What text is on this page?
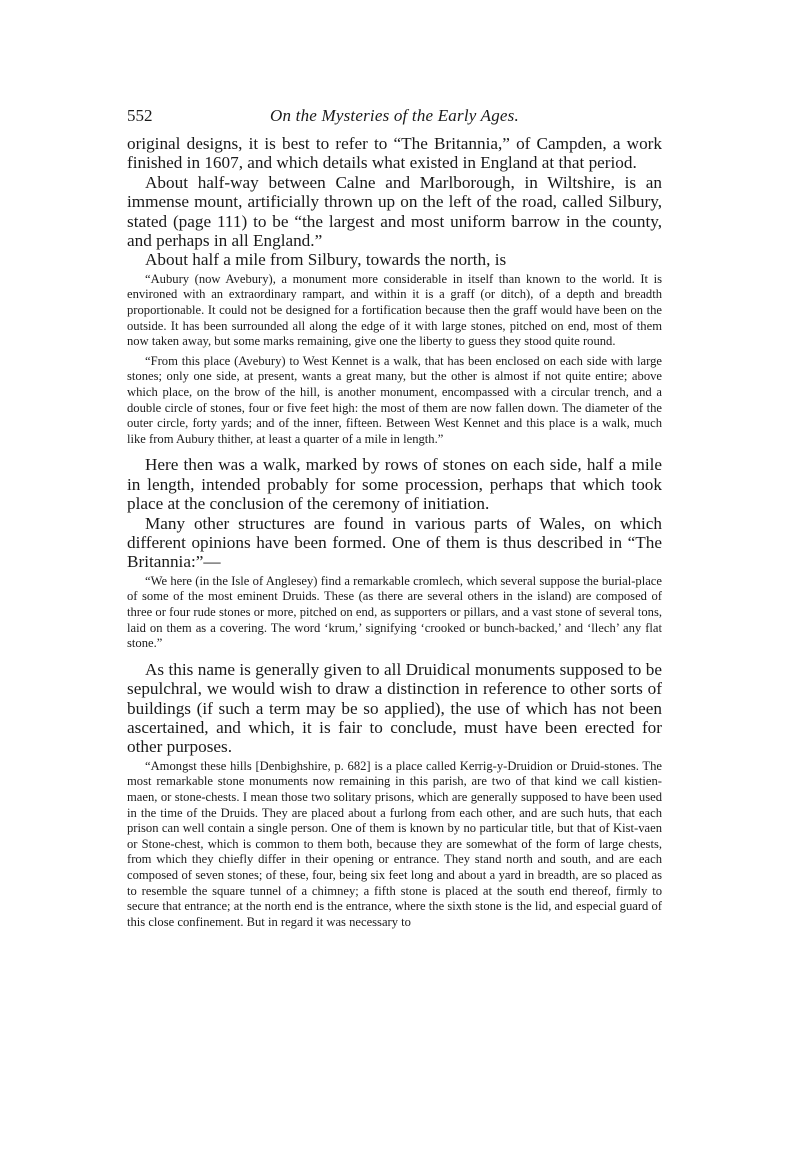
552	On the Mysteries of the Early Ages.

original designs, it is best to refer to “The Britannia,” of Campden, a work finished in 1607, and which details what existed in England at that period.

About half-way between Calne and Marlborough, in Wiltshire, is an immense mount, artificially thrown up on the left of the road, called Silbury, stated (page 111) to be “the largest and most uniform barrow in the county, and perhaps in all England.”

About half a mile from Silbury, towards the north, is

“Aubury (now Avebury), a monument more considerable in itself than known to the world. It is environed with an extraordinary rampart, and within it is a graff (or ditch), of a depth and breadth proportionable. It could not be designed for a fortification because then the graff would have been on the outside. It has been surrounded all along the edge of it with large stones, pitched on end, most of them now taken away, but some marks remaining, give one the liberty to guess they stood quite round.

“From this place (Avebury) to West Kennet is a walk, that has been enclosed on each side with large stones; only one side, at present, wants a great many, but the other is almost if not quite entire; above which place, on the brow of the hill, is another monument, encompassed with a circular trench, and a double circle of stones, four or five feet high: the most of them are now fallen down. The diameter of the outer circle, forty yards; and of the inner, fifteen. Between West Kennet and this place is a walk, much like from Aubury thither, at least a quarter of a mile in length.”

Here then was a walk, marked by rows of stones on each side, half a mile in length, intended probably for some procession, perhaps that which took place at the conclusion of the ceremony of initiation.

Many other structures are found in various parts of Wales, on which different opinions have been formed. One of them is thus described in “The Britannia:”—

“We here (in the Isle of Anglesey) find a remarkable cromlech, which several suppose the burial-place of some of the most eminent Druids. These (as there are several others in the island) are composed of three or four rude stones or more, pitched on end, as supporters or pillars, and a vast stone of several tons, laid on them as a covering. The word ‘krum,’ signifying ‘crooked or bunch-backed,’ and ‘llech’ any flat stone.”

As this name is generally given to all Druidical monuments supposed to be sepulchral, we would wish to draw a distinction in reference to other sorts of buildings (if such a term may be so applied), the use of which has not been ascertained, and which, it is fair to conclude, must have been erected for other purposes.

“Amongst these hills [Denbighshire, p. 682] is a place called Kerrig-y-Druidion or Druid-stones. The most remarkable stone monuments now remaining in this parish, are two of that kind we call kistien-maen, or stone-chests. I mean those two solitary prisons, which are generally supposed to have been used in the time of the Druids. They are placed about a furlong from each other, and are such huts, that each prison can well contain a single person. One of them is known by no particular title, but that of Kist-vaen or Stone-chest, which is common to them both, because they are somewhat of the form of large chests, from which they chiefly differ in their opening or entrance. They stand north and south, and are each composed of seven stones; of these, four, being six feet long and about a yard in breadth, are so placed as to resemble the square tunnel of a chimney; a fifth stone is placed at the south end thereof, firmly to secure that entrance; at the north end is the entrance, where the sixth stone is the lid, and especial guard of this close confinement. But in regard it was necessary to
